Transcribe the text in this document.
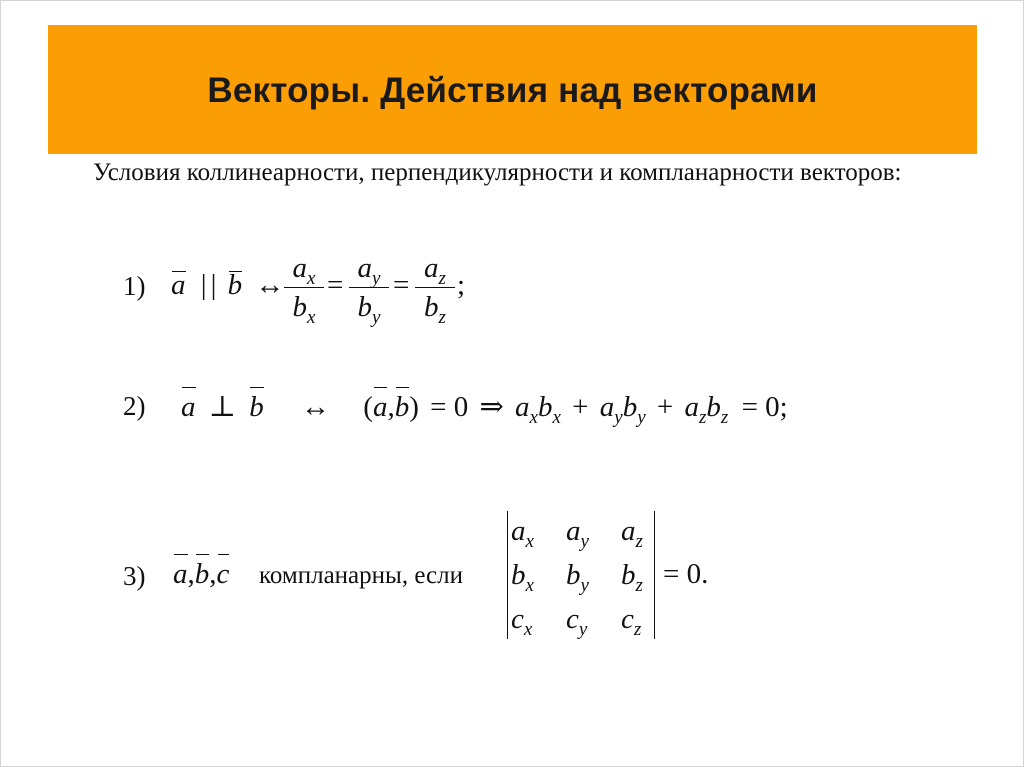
Векторы. Действия над векторами
Условия коллинеарности, перпендикулярности и компланарности векторов:
1) a | | b ↔
$a_x$
$b_x$
=
$a_y$
$b_y$
=
$a_z$
$b_z$
;
2) a ⊥ b ↔ (a,b) = 0 ⇒ $a_xb_x + a_yb_y + a_zb_z = 0$;
3) a,b,c компланарны, если
$a_x$ $a_y$ $a_z$
$b_x$ $b_y$ $b_z$
$c_x$ $c_y$ $c_z$
= 0.
